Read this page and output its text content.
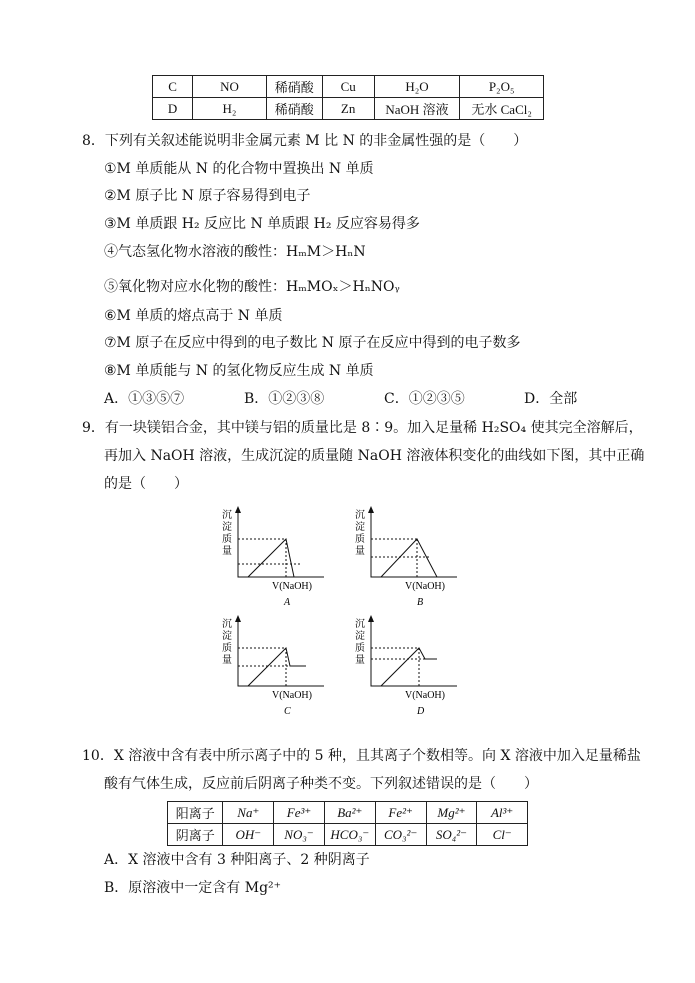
C	NO	稀硝酸	Cu	H₂O	P₂O₅
D	H₂	稀硝酸	Zn	NaOH 溶液	无水 CaCl₂
8．下列有关叙述能说明非金属元素 M 比 N 的非金属性强的是（　　）
①M 单质能从 N 的化合物中置换出 N 单质
②M 原子比 N 原子容易得到电子
③M 单质跟 H₂ 反应比 N 单质跟 H₂ 反应容易得多
④气态氢化物水溶液的酸性：HₘM＞HₙN
⑤氧化物对应水化物的酸性：HₘMOₓ＞HₙNOᵧ
⑥M 单质的熔点高于 N 单质
⑦M 原子在反应中得到的电子数比 N 原子在反应中得到的电子数多
⑧M 单质能与 N 的氢化物反应生成 N 单质
A．①③⑤⑦	B．①②③⑧	C．①②③⑤	D．全部
9．有一块镁铝合金，其中镁与铝的质量比是 8∶9。加入足量稀 H₂SO₄ 使其完全溶解后，
再加入 NaOH 溶液，生成沉淀的质量随 NaOH 溶液体积变化的曲线如下图，其中正确
的是（　　）
沉
淀
质
量
V(NaOH)
A
沉
淀
质
量
V(NaOH)
B
沉
淀
质
量
V(NaOH)
C
沉
淀
质
量
V(NaOH)
D
10．X 溶液中含有表中所示离子中的 5 种，且其离子个数相等。向 X 溶液中加入足量稀盐
酸有气体生成，反应前后阴离子种类不变。下列叙述错误的是（　　）
阳离子	Na⁺	Fe³⁺	Ba²⁺	Fe²⁺	Mg²⁺	Al³⁺
阴离子	OH⁻	NO₃⁻	HCO₃⁻	CO₃²⁻	SO₄²⁻	Cl⁻
A．X 溶液中含有 3 种阳离子、2 种阴离子
B．原溶液中一定含有 Mg²⁺
